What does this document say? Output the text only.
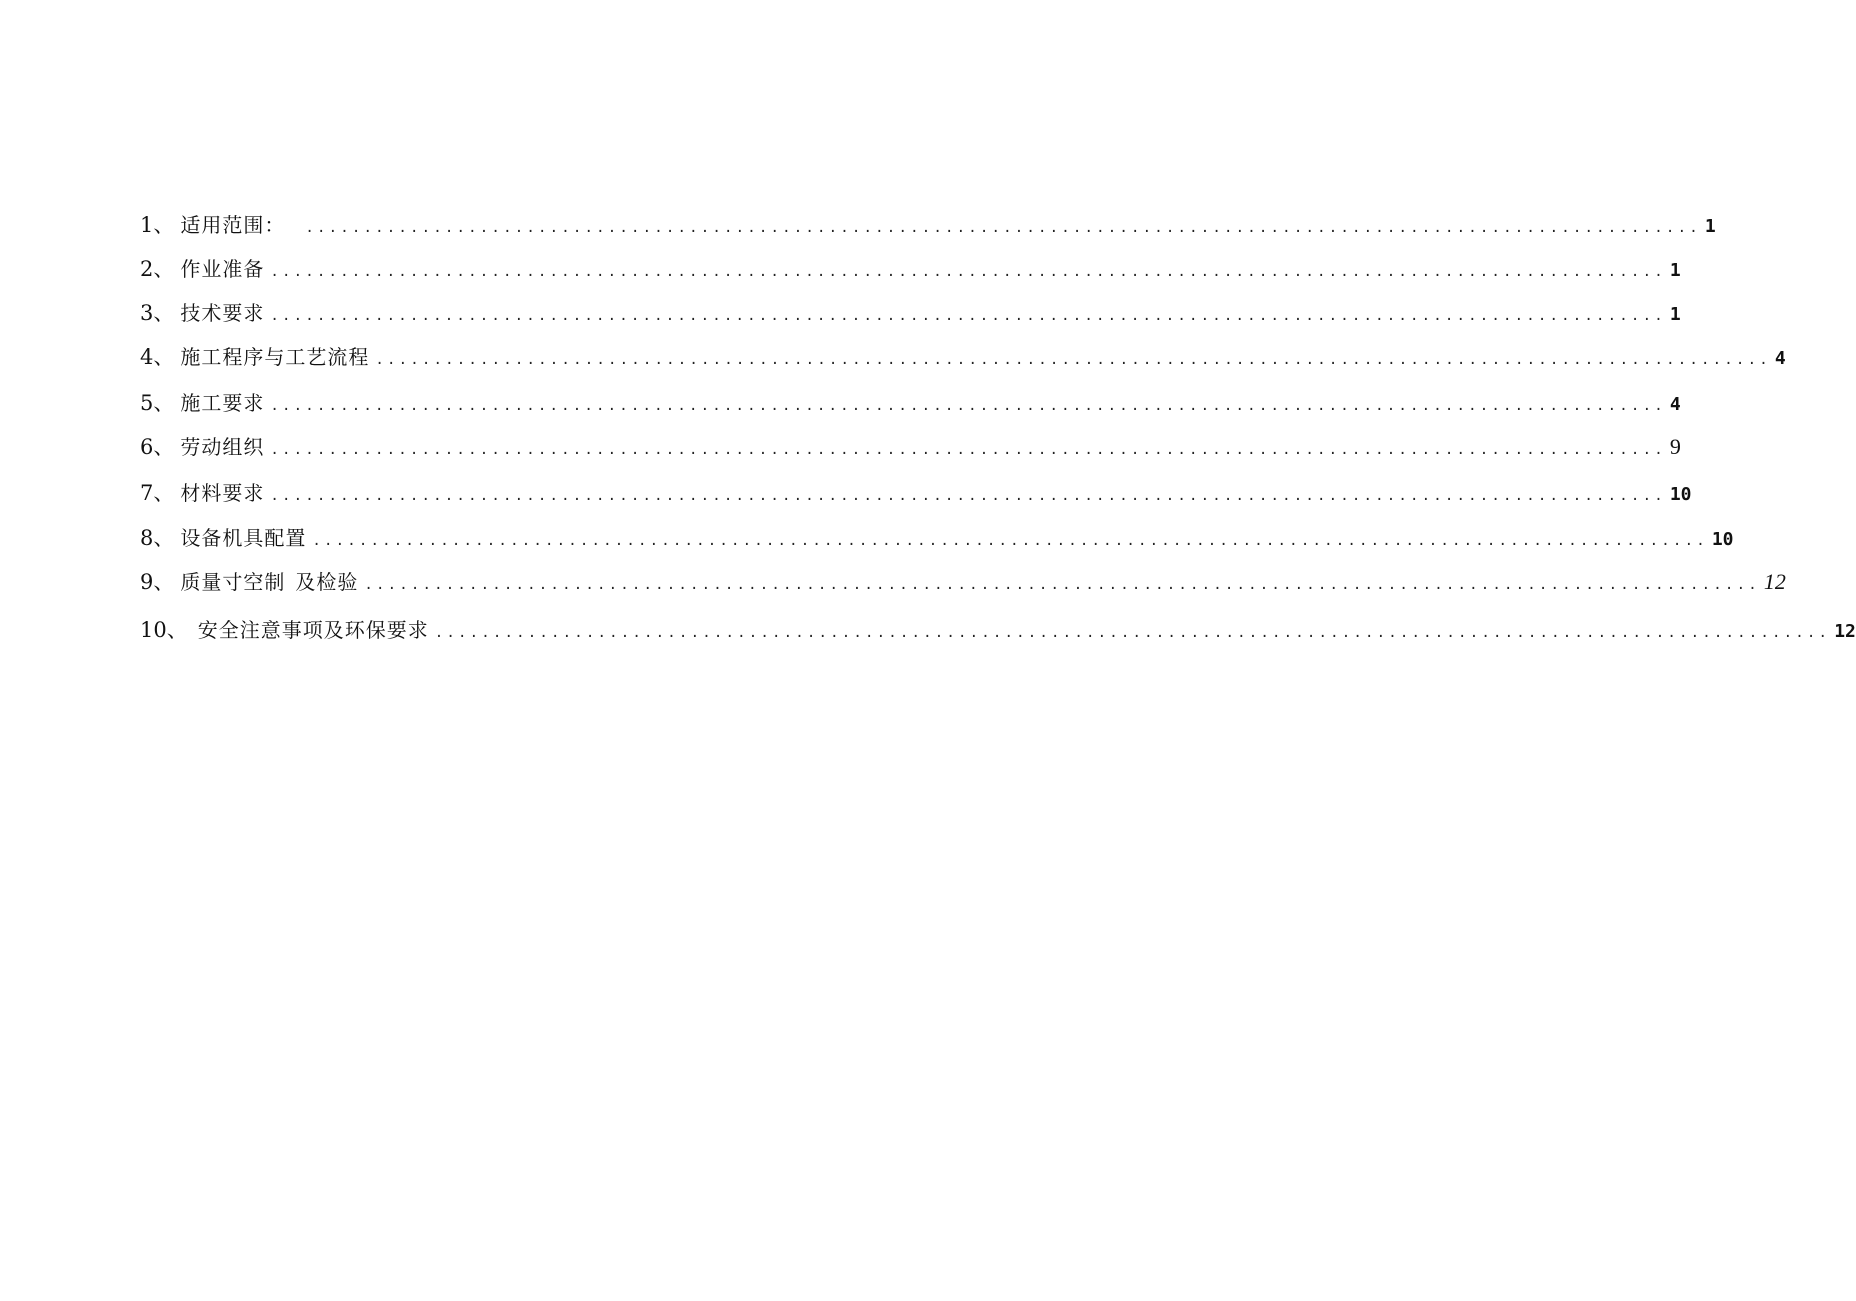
1 、 适用范围： ........................................................................................................................ 1
2 、 作业准备 ........................................................................................................................ 1
3 、 技术要求 ........................................................................................................................ 1
4 、 施工程序与工艺流程 ........................................................................................................................ 4
5 、 施工要求 ........................................................................................................................ 4
6 、 劳动组织 ........................................................................................................................ 9
7 、 材料要求 ........................................................................................................................ 10
8 、 设备机具配置 ........................................................................................................................ 10
9 、 质量寸空制 及检验 ........................................................................................................................ 12
10 、 安全注意事项及环保要求 ........................................................................................................................ 12
